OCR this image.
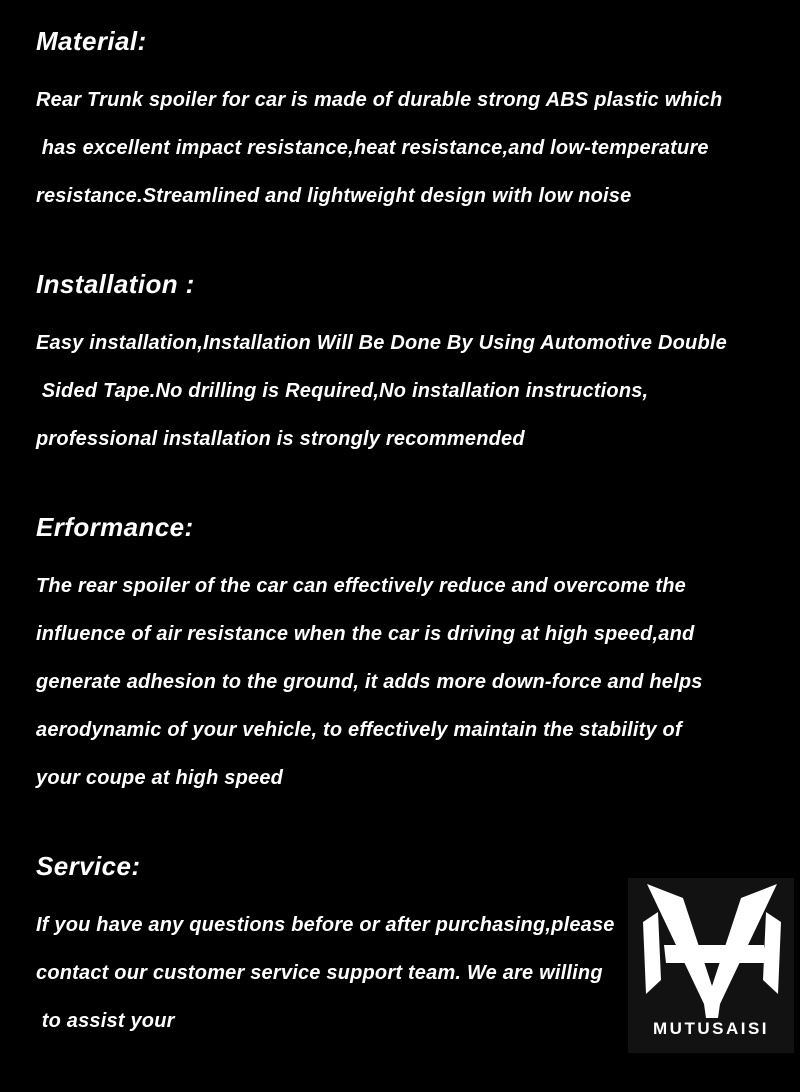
Material:
Rear Trunk spoiler for car is made of durable strong ABS plastic which
has excellent impact resistance,heat resistance,and low-temperature
resistance.Streamlined and lightweight design with low noise
Installation :
Easy installation,Installation Will Be Done By Using Automotive Double
Sided Tape.No drilling is Required,No installation instructions,
professional installation is strongly recommended
Erformance:
The rear spoiler of the car can effectively reduce and overcome the
influence of air resistance when the car is driving at high speed,and
generate adhesion to the ground, it adds more down-force and helps
aerodynamic of your vehicle, to effectively maintain the stability of
your coupe at high speed
Service:
If you have any questions before or after purchasing,please
contact our customer service support team. We are willing
to assist your	MUTUSAISI
